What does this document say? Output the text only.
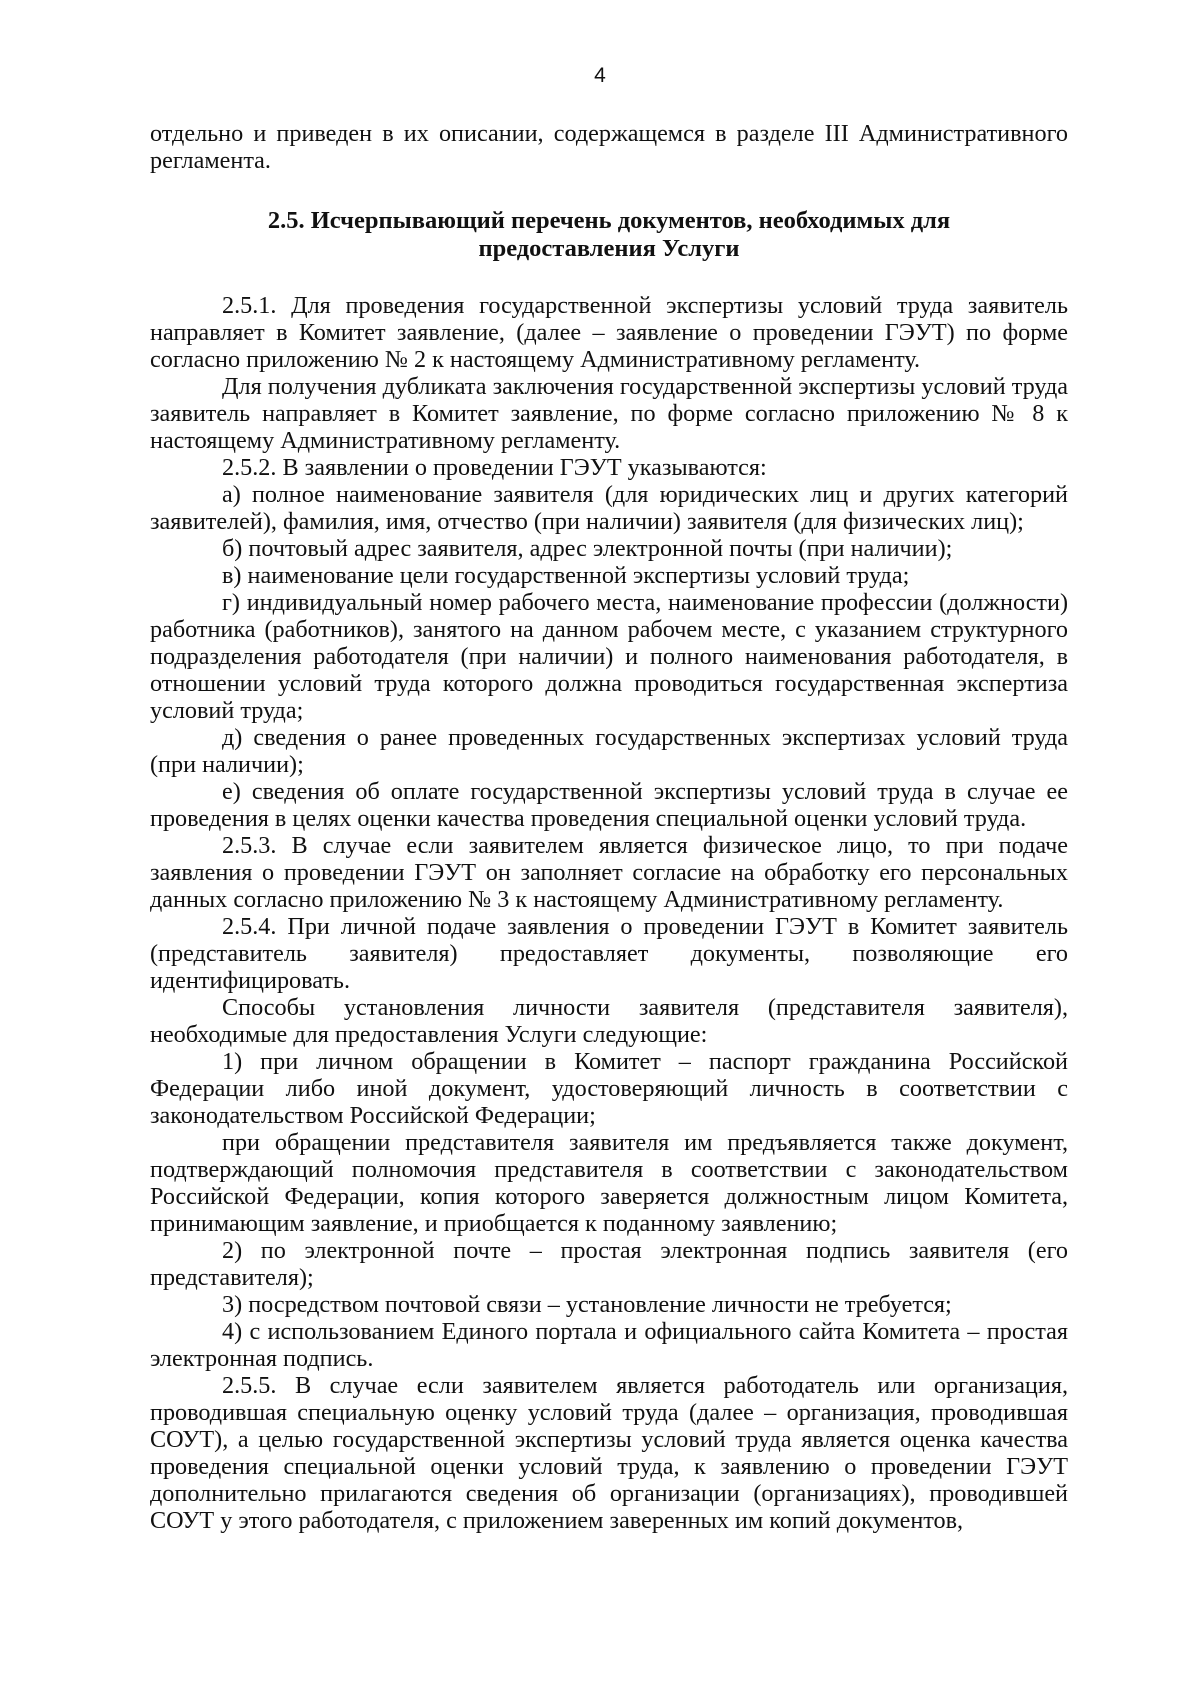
4

отдельно и приведен в их описании, содержащемся в разделе III Административного регламента.

2.5. Исчерпывающий перечень документов, необходимых для
предоставления Услуги

2.5.1. Для проведения государственной экспертизы условий труда заявитель направляет в Комитет заявление, (далее – заявление о проведении ГЭУТ) по форме согласно приложению № 2 к настоящему Административному регламенту.

Для получения дубликата заключения государственной экспертизы условий труда заявитель направляет в Комитет заявление, по форме согласно приложению № 8 к настоящему Административному регламенту.

2.5.2. В заявлении о проведении ГЭУТ указываются:

а) полное наименование заявителя (для юридических лиц и других категорий заявителей), фамилия, имя, отчество (при наличии) заявителя (для физических лиц);

б) почтовый адрес заявителя, адрес электронной почты (при наличии);

в) наименование цели государственной экспертизы условий труда;

г) индивидуальный номер рабочего места, наименование профессии (должности) работника (работников), занятого на данном рабочем месте, с указанием структурного подразделения работодателя (при наличии) и полного наименования работодателя, в отношении условий труда которого должна проводиться государственная экспертиза условий труда;

д) сведения о ранее проведенных государственных экспертизах условий труда (при наличии);

е) сведения об оплате государственной экспертизы условий труда в случае ее проведения в целях оценки качества проведения специальной оценки условий труда.

2.5.3. В случае если заявителем является физическое лицо, то при подаче заявления о проведении ГЭУТ он заполняет согласие на обработку его персональных данных согласно приложению № 3 к настоящему Административному регламенту.

2.5.4. При личной подаче заявления о проведении ГЭУТ в Комитет заявитель (представитель заявителя) предоставляет документы, позволяющие его идентифицировать.

Способы установления личности заявителя (представителя заявителя), необходимые для предоставления Услуги следующие:

1) при личном обращении в Комитет – паспорт гражданина Российской Федерации либо иной документ, удостоверяющий личность в соответствии с законодательством Российской Федерации;

при обращении представителя заявителя им предъявляется также документ, подтверждающий полномочия представителя в соответствии с законодательством Российской Федерации, копия которого заверяется должностным лицом Комитета, принимающим заявление, и приобщается к поданному заявлению;

2) по электронной почте – простая электронная подпись заявителя (его представителя);

3) посредством почтовой связи – установление личности не требуется;

4) с использованием Единого портала и официального сайта Комитета – простая электронная подпись.

2.5.5. В случае если заявителем является работодатель или организация, проводившая специальную оценку условий труда (далее – организация, проводившая СОУТ), а целью государственной экспертизы условий труда является оценка качества проведения специальной оценки условий труда, к заявлению о проведении ГЭУТ дополнительно прилагаются сведения об организации (организациях), проводившей СОУТ у этого работодателя, с приложением заверенных им копий документов,
